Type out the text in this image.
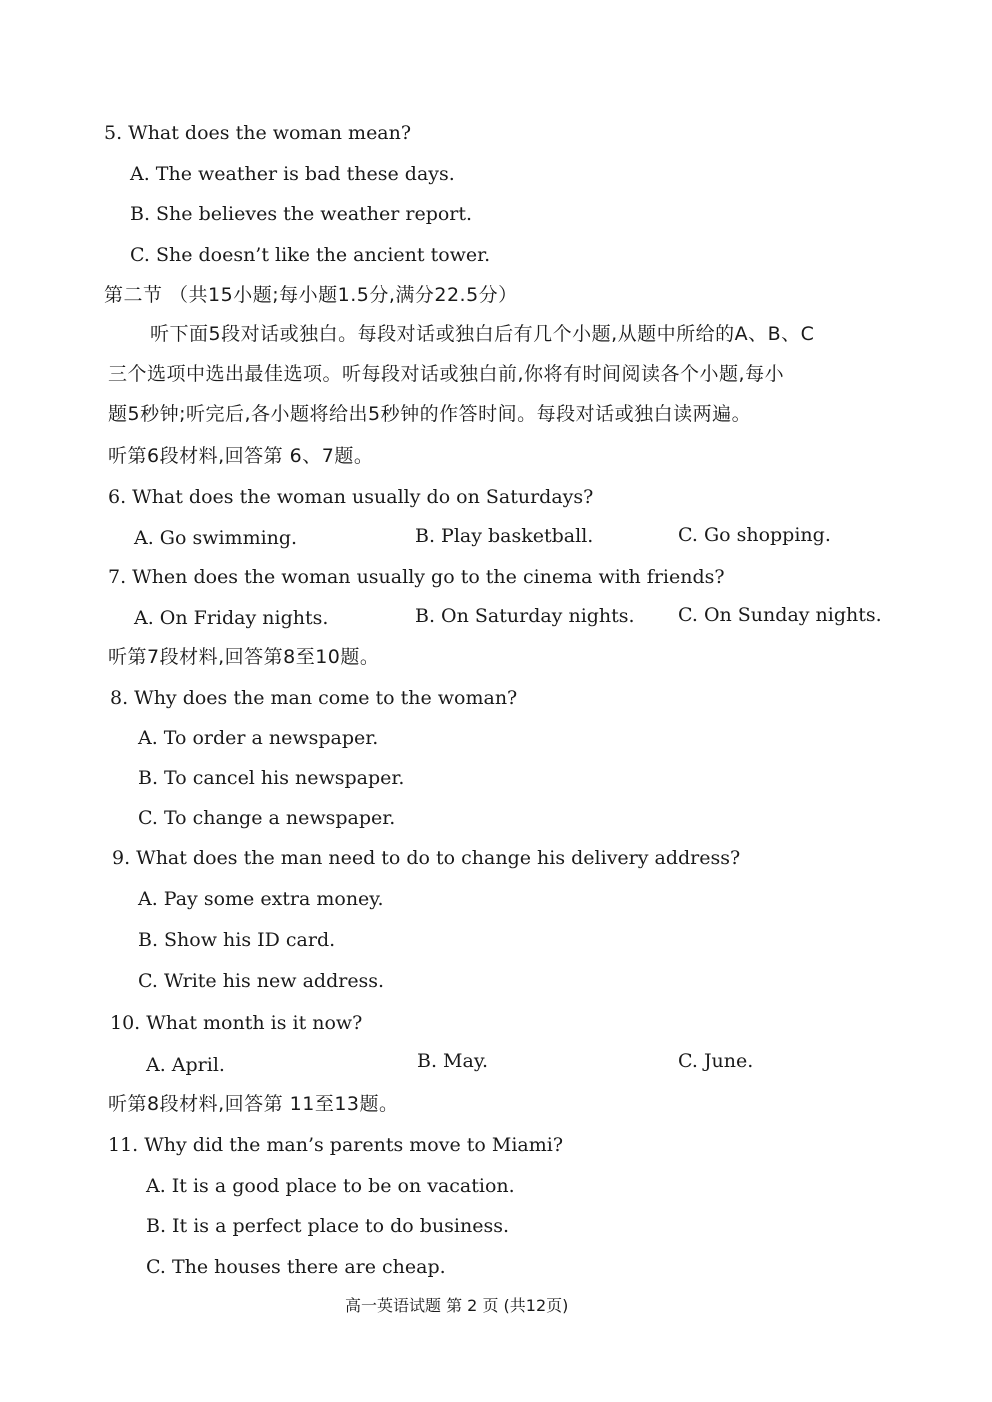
5. What does the woman mean?
A. The weather is bad these days.
B. She believes the weather report.
C. She doesn’t like the ancient tower.
第二节 （共15小题;每小题1.5分,满分22.5分）
听下面5段对话或独白。每段对话或独白后有几个小题,从题中所给的A、B、C
三个选项中选出最佳选项。听每段对话或独白前,你将有时间阅读各个小题,每小
题5秒钟;听完后,各小题将给出5秒钟的作答时间。每段对话或独白读两遍。
听第6段材料,回答第 6、7题。
6. What does the woman usually do on Saturdays?
A. Go swimming.	B. Play basketball.	C. Go shopping.
7. When does the woman usually go to the cinema with friends?
A. On Friday nights.	B. On Saturday nights. C. On Sunday nights.
听第7段材料,回答第8至10题。
8. Why does the man come to the woman?
A. To order a newspaper.
B. To cancel his newspaper.
C. To change a newspaper.
9. What does the man need to do to change his delivery address?
A. Pay some extra money.
B. Show his ID card.
C. Write his new address.
10. What month is it now?
A. April.	B. May.	C. June.
听第8段材料,回答第 11至13题。
11. Why did the man’s parents move to Miami?
A. It is a good place to be on vacation.
B. It is a perfect place to do business.
C. The houses there are cheap.
高一英语试题 第 2 页 (共12页)
